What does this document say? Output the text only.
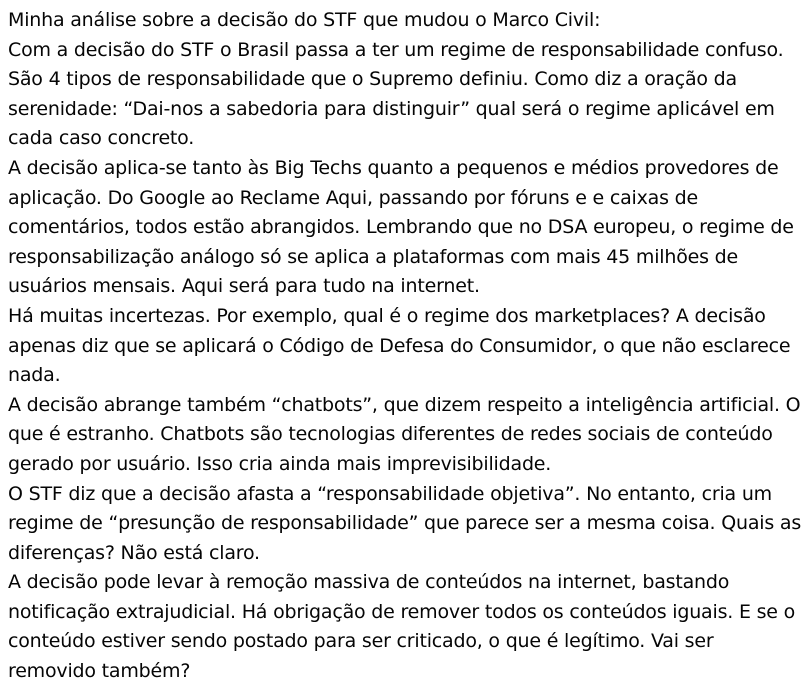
Minha análise sobre a decisão do STF que mudou o Marco Civil:
Com a decisão do STF o Brasil passa a ter um regime de responsabilidade confuso.
São 4 tipos de responsabilidade que o Supremo definiu. Como diz a oração da
serenidade: “Dai-nos a sabedoria para distinguir” qual será o regime aplicável em
cada caso concreto.
A decisão aplica-se tanto às Big Techs quanto a pequenos e médios provedores de
aplicação. Do Google ao Reclame Aqui, passando por fóruns e e caixas de
comentários, todos estão abrangidos. Lembrando que no DSA europeu, o regime de
responsabilização análogo só se aplica a plataformas com mais 45 milhões de
usuários mensais. Aqui será para tudo na internet.
Há muitas incertezas. Por exemplo, qual é o regime dos marketplaces? A decisão
apenas diz que se aplicará o Código de Defesa do Consumidor, o que não esclarece
nada.
A decisão abrange também “chatbots”, que dizem respeito a inteligência artificial. O
que é estranho. Chatbots são tecnologias diferentes de redes sociais de conteúdo
gerado por usuário. Isso cria ainda mais imprevisibilidade.
O STF diz que a decisão afasta a “responsabilidade objetiva”. No entanto, cria um
regime de “presunção de responsabilidade” que parece ser a mesma coisa. Quais as
diferenças? Não está claro.
A decisão pode levar à remoção massiva de conteúdos na internet, bastando
notificação extrajudicial. Há obrigação de remover todos os conteúdos iguais. E se o
conteúdo estiver sendo postado para ser criticado, o que é legítimo. Vai ser
removido também?
